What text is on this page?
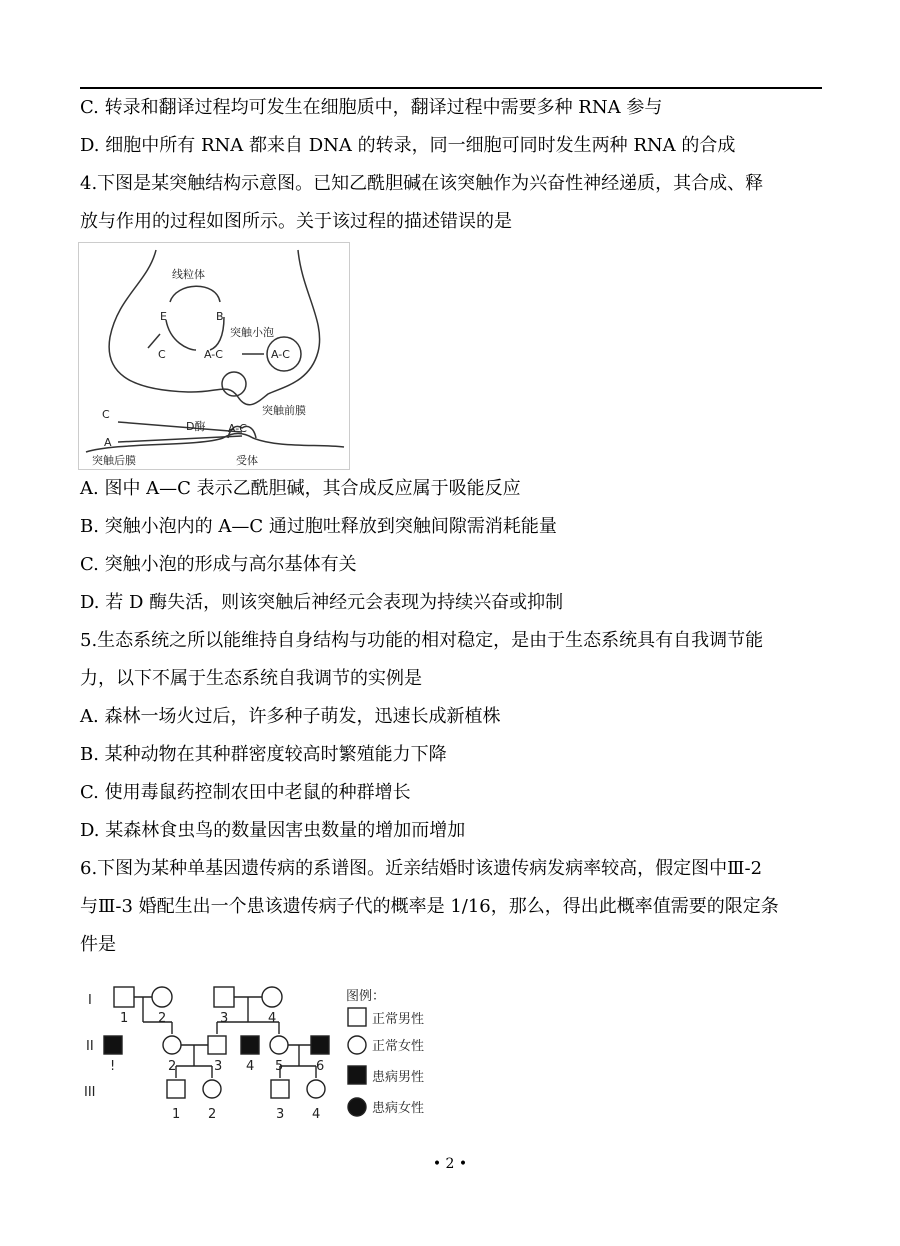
C. 转录和翻译过程均可发生在细胞质中，翻译过程中需要多种 RNA 参与
D. 细胞中所有 RNA 都来自 DNA 的转录，同一细胞可同时发生两种 RNA 的合成
4.下图是某突触结构示意图。已知乙酰胆碱在该突触作为兴奋性神经递质，其合成、释
放与作用的过程如图所示。关于该过程的描述错误的是
线粒体
E	B
C	A-C
突触小泡
A-C
C
D酶
A
突触前膜
A-C
突触后膜	受体
A. 图中 A—C 表示乙酰胆碱，其合成反应属于吸能反应
B. 突触小泡内的 A—C 通过胞吐释放到突触间隙需消耗能量
C. 突触小泡的形成与高尔基体有关
D. 若 D 酶失活，则该突触后神经元会表现为持续兴奋或抑制
5.生态系统之所以能维持自身结构与功能的相对稳定，是由于生态系统具有自我调节能
力，以下不属于生态系统自我调节的实例是
A. 森林一场火过后，许多种子萌发，迅速长成新植株
B. 某种动物在其种群密度较高时繁殖能力下降
C. 使用毒鼠药控制农田中老鼠的种群增长
D. 某森林食虫鸟的数量因害虫数量的增加而增加
6.下图为某种单基因遗传病的系谱图。近亲结婚时该遗传病发病率较高，假定图中Ⅲ-2
与Ⅲ-3 婚配生出一个患该遗传病子代的概率是 1/16，那么，得出此概率值需要的限定条
件是
I
II
III
1 2	3	4
!	2	3 4 5	6
1 2	3 4
图例：
正常男性
正常女性
患病男性
患病女性
• 2 •
